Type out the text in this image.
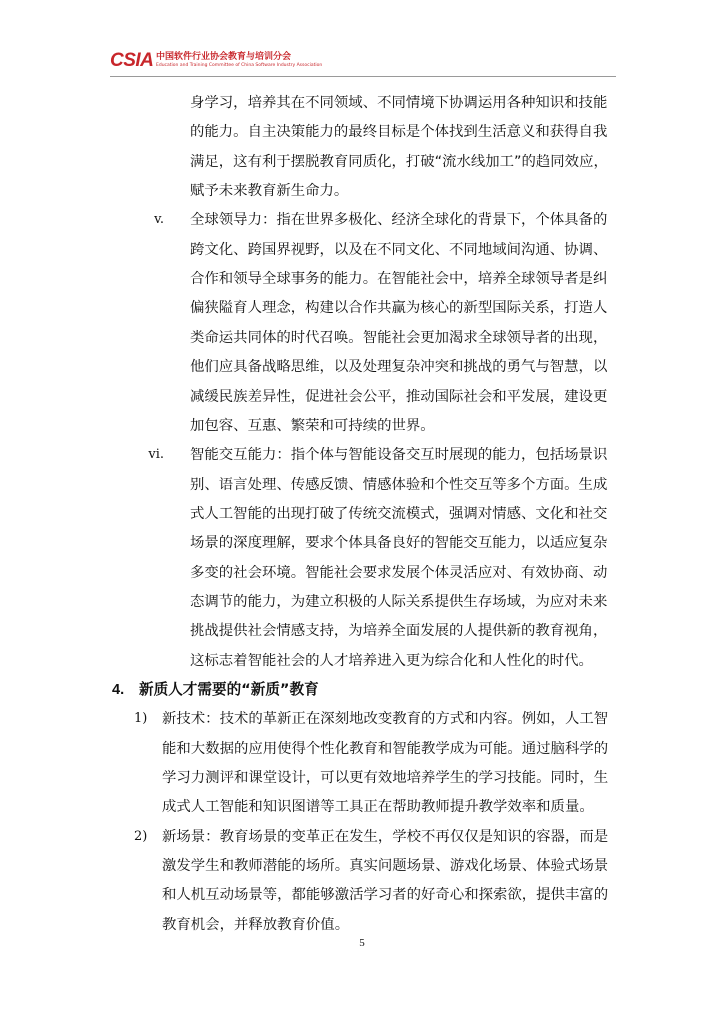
CSIA 中国软件行业协会教育与培训分会
Education and Training Committee of China Software Industry Association
身学习，培养其在不同领域、不同情境下协调运用各种知识和技能
的能力。自主决策能力的最终目标是个体找到生活意义和获得自我
满足，这有利于摆脱教育同质化，打破“流水线加工”的趋同效应，
赋予未来教育新生命力。
v. 全球领导力：指在世界多极化、经济全球化的背景下，个体具备的
跨文化、跨国界视野，以及在不同文化、不同地域间沟通、协调、
合作和领导全球事务的能力。在智能社会中，培养全球领导者是纠
偏狭隘育人理念，构建以合作共赢为核心的新型国际关系，打造人
类命运共同体的时代召唤。智能社会更加渴求全球领导者的出现，
他们应具备战略思维，以及处理复杂冲突和挑战的勇气与智慧，以
减缓民族差异性，促进社会公平，推动国际社会和平发展，建设更
加包容、互惠、繁荣和可持续的世界。
vi. 智能交互能力：指个体与智能设备交互时展现的能力，包括场景识
别、语言处理、传感反馈、情感体验和个性交互等多个方面。生成
式人工智能的出现打破了传统交流模式，强调对情感、文化和社交
场景的深度理解，要求个体具备良好的智能交互能力，以适应复杂
多变的社会环境。智能社会要求发展个体灵活应对、有效协商、动
态调节的能力，为建立积极的人际关系提供生存场域，为应对未来
挑战提供社会情感支持，为培养全面发展的人提供新的教育视角，
这标志着智能社会的人才培养进入更为综合化和人性化的时代。
4. 新质人才需要的“新质”教育
1)	新技术：技术的革新正在深刻地改变教育的方式和内容。例如，人工智
能和大数据的应用使得个性化教育和智能教学成为可能。通过脑科学的
学习力测评和课堂设计，可以更有效地培养学生的学习技能。同时，生
成式人工智能和知识图谱等工具正在帮助教师提升教学效率和质量。
2)	新场景：教育场景的变革正在发生，学校不再仅仅是知识的容器，而是
激发学生和教师潜能的场所。真实问题场景、游戏化场景、体验式场景
和人机互动场景等，都能够激活学习者的好奇心和探索欲，提供丰富的
教育机会，并释放教育价值。
5
